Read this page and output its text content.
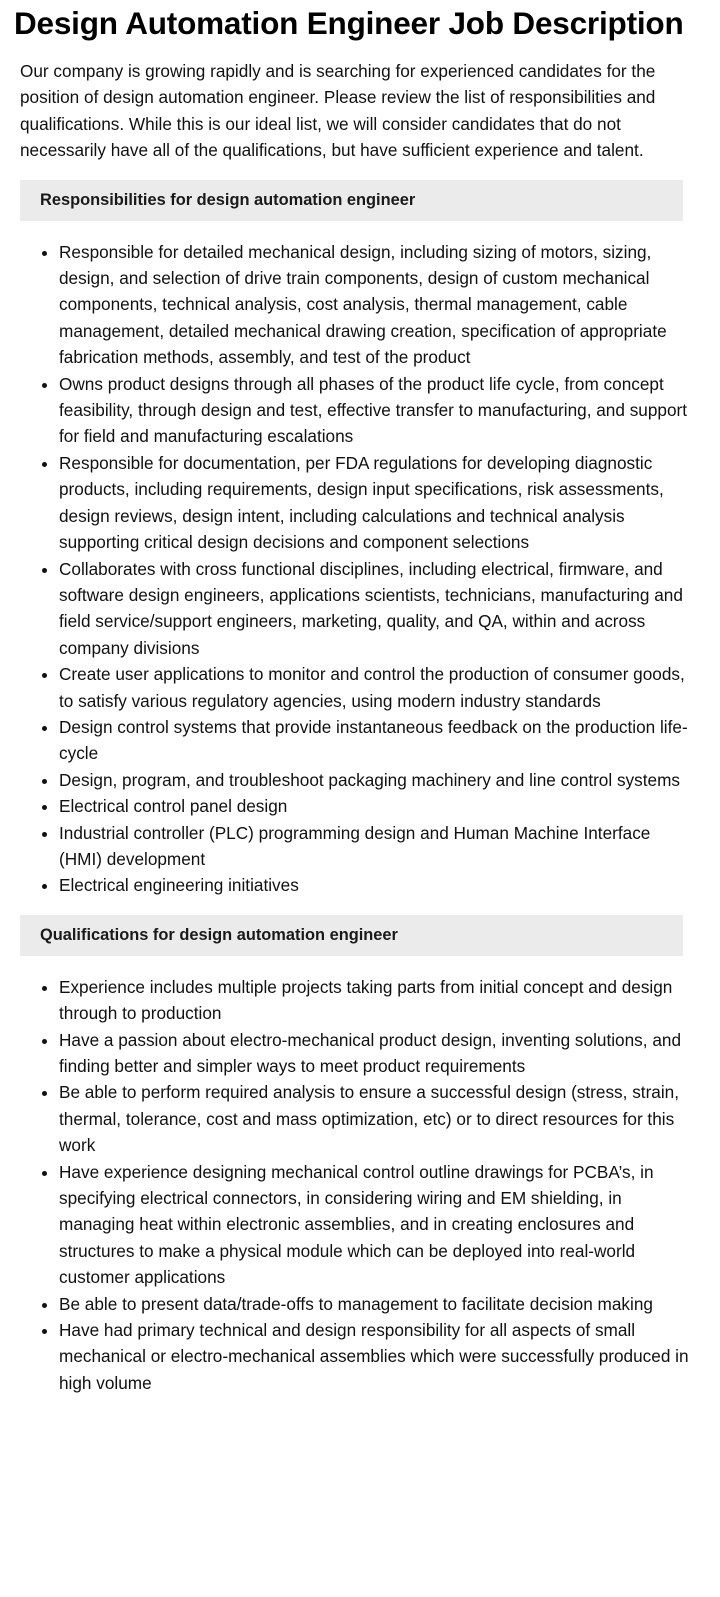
Design Automation Engineer Job Description

Our company is growing rapidly and is searching for experienced candidates for the position of design automation engineer. Please review the list of responsibilities and qualifications. While this is our ideal list, we will consider candidates that do not necessarily have all of the qualifications, but have sufficient experience and talent.

Responsibilities for design automation engineer
• Responsible for detailed mechanical design, including sizing of motors, sizing, design, and selection of drive train components, design of custom mechanical components, technical analysis, cost analysis, thermal management, cable management, detailed mechanical drawing creation, specification of appropriate fabrication methods, assembly, and test of the product
• Owns product designs through all phases of the product life cycle, from concept feasibility, through design and test, effective transfer to manufacturing, and support for field and manufacturing escalations
• Responsible for documentation, per FDA regulations for developing diagnostic products, including requirements, design input specifications, risk assessments, design reviews, design intent, including calculations and technical analysis supporting critical design decisions and component selections
• Collaborates with cross functional disciplines, including electrical, firmware, and software design engineers, applications scientists, technicians, manufacturing and field service/support engineers, marketing, quality, and QA, within and across company divisions
• Create user applications to monitor and control the production of consumer goods, to satisfy various regulatory agencies, using modern industry standards
• Design control systems that provide instantaneous feedback on the production life-cycle
• Design, program, and troubleshoot packaging machinery and line control systems
• Electrical control panel design
• Industrial controller (PLC) programming design and Human Machine Interface (HMI) development
• Electrical engineering initiatives
Qualifications for design automation engineer
• Experience includes multiple projects taking parts from initial concept and design through to production
• Have a passion about electro-mechanical product design, inventing solutions, and finding better and simpler ways to meet product requirements
• Be able to perform required analysis to ensure a successful design (stress, strain, thermal, tolerance, cost and mass optimization, etc) or to direct resources for this work
• Have experience designing mechanical control outline drawings for PCBA’s, in specifying electrical connectors, in considering wiring and EM shielding, in managing heat within electronic assemblies, and in creating enclosures and structures to make a physical module which can be deployed into real-world customer applications
• Be able to present data/trade-offs to management to facilitate decision making
• Have had primary technical and design responsibility for all aspects of small mechanical or electro-mechanical assemblies which were successfully produced in high volume
